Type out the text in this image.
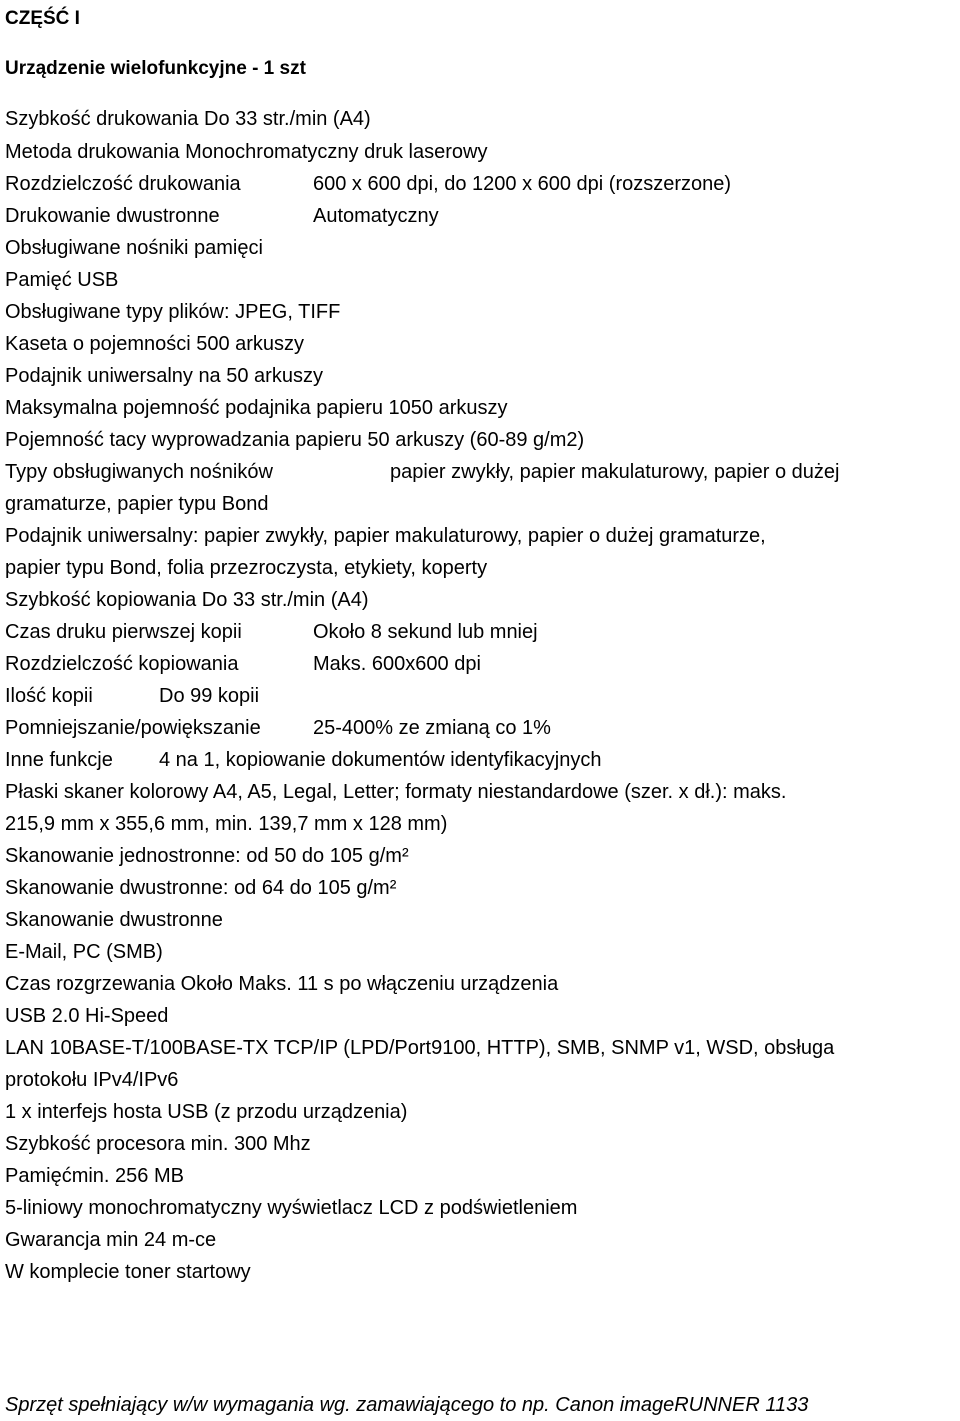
CZĘŚĆ I
Urządzenie wielofunkcyjne - 1 szt
Szybkość drukowania Do 33 str./min (A4)
Metoda drukowania Monochromatyczny druk laserowy
Rozdzielczość drukowania	600 x 600 dpi, do 1200 x 600 dpi (rozszerzone)
Drukowanie dwustronne	Automatyczny
Obsługiwane nośniki pamięci
Pamięć USB
Obsługiwane typy plików: JPEG, TIFF
Kaseta o pojemności 500 arkuszy
Podajnik uniwersalny na 50 arkuszy
Maksymalna pojemność podajnika papieru 1050 arkuszy
Pojemność tacy wyprowadzania papieru 50 arkuszy (60-89 g/m2)
Typy obsługiwanych nośników	papier zwykły, papier makulaturowy, papier o dużej
gramaturze, papier typu Bond
Podajnik uniwersalny: papier zwykły, papier makulaturowy, papier o dużej gramaturze,
papier typu Bond, folia przezroczysta, etykiety, koperty
Szybkość kopiowania Do 33 str./min (A4)
Czas druku pierwszej kopii	Około 8 sekund lub mniej
Rozdzielczość kopiowania	Maks. 600x600 dpi
Ilość kopii	Do 99 kopii
Pomniejszanie/powiększanie	25-400% ze zmianą co 1%
Inne funkcje 4 na 1, kopiowanie dokumentów identyfikacyjnych
Płaski skaner kolorowy A4, A5, Legal, Letter; formaty niestandardowe (szer. x dł.): maks.
215,9 mm x 355,6 mm, min. 139,7 mm x 128 mm)
Skanowanie jednostronne: od 50 do 105 g/m²
Skanowanie dwustronne: od 64 do 105 g/m²
Skanowanie dwustronne
E-Mail, PC (SMB)
Czas rozgrzewania Około Maks. 11 s po włączeniu urządzenia
USB 2.0 Hi-Speed
LAN 10BASE-T/100BASE-TX TCP/IP (LPD/Port9100, HTTP), SMB, SNMP v1, WSD, obsługa
protokołu IPv4/IPv6
1 x interfejs hosta USB (z przodu urządzenia)
Szybkość procesora min. 300 Mhz
Pamięćmin. 256 MB
5-liniowy monochromatyczny wyświetlacz LCD z podświetleniem
Gwarancja min 24 m-ce
W komplecie toner startowy
Sprzęt spełniający w/w wymagania wg. zamawiającego to np. Canon imageRUNNER 1133
